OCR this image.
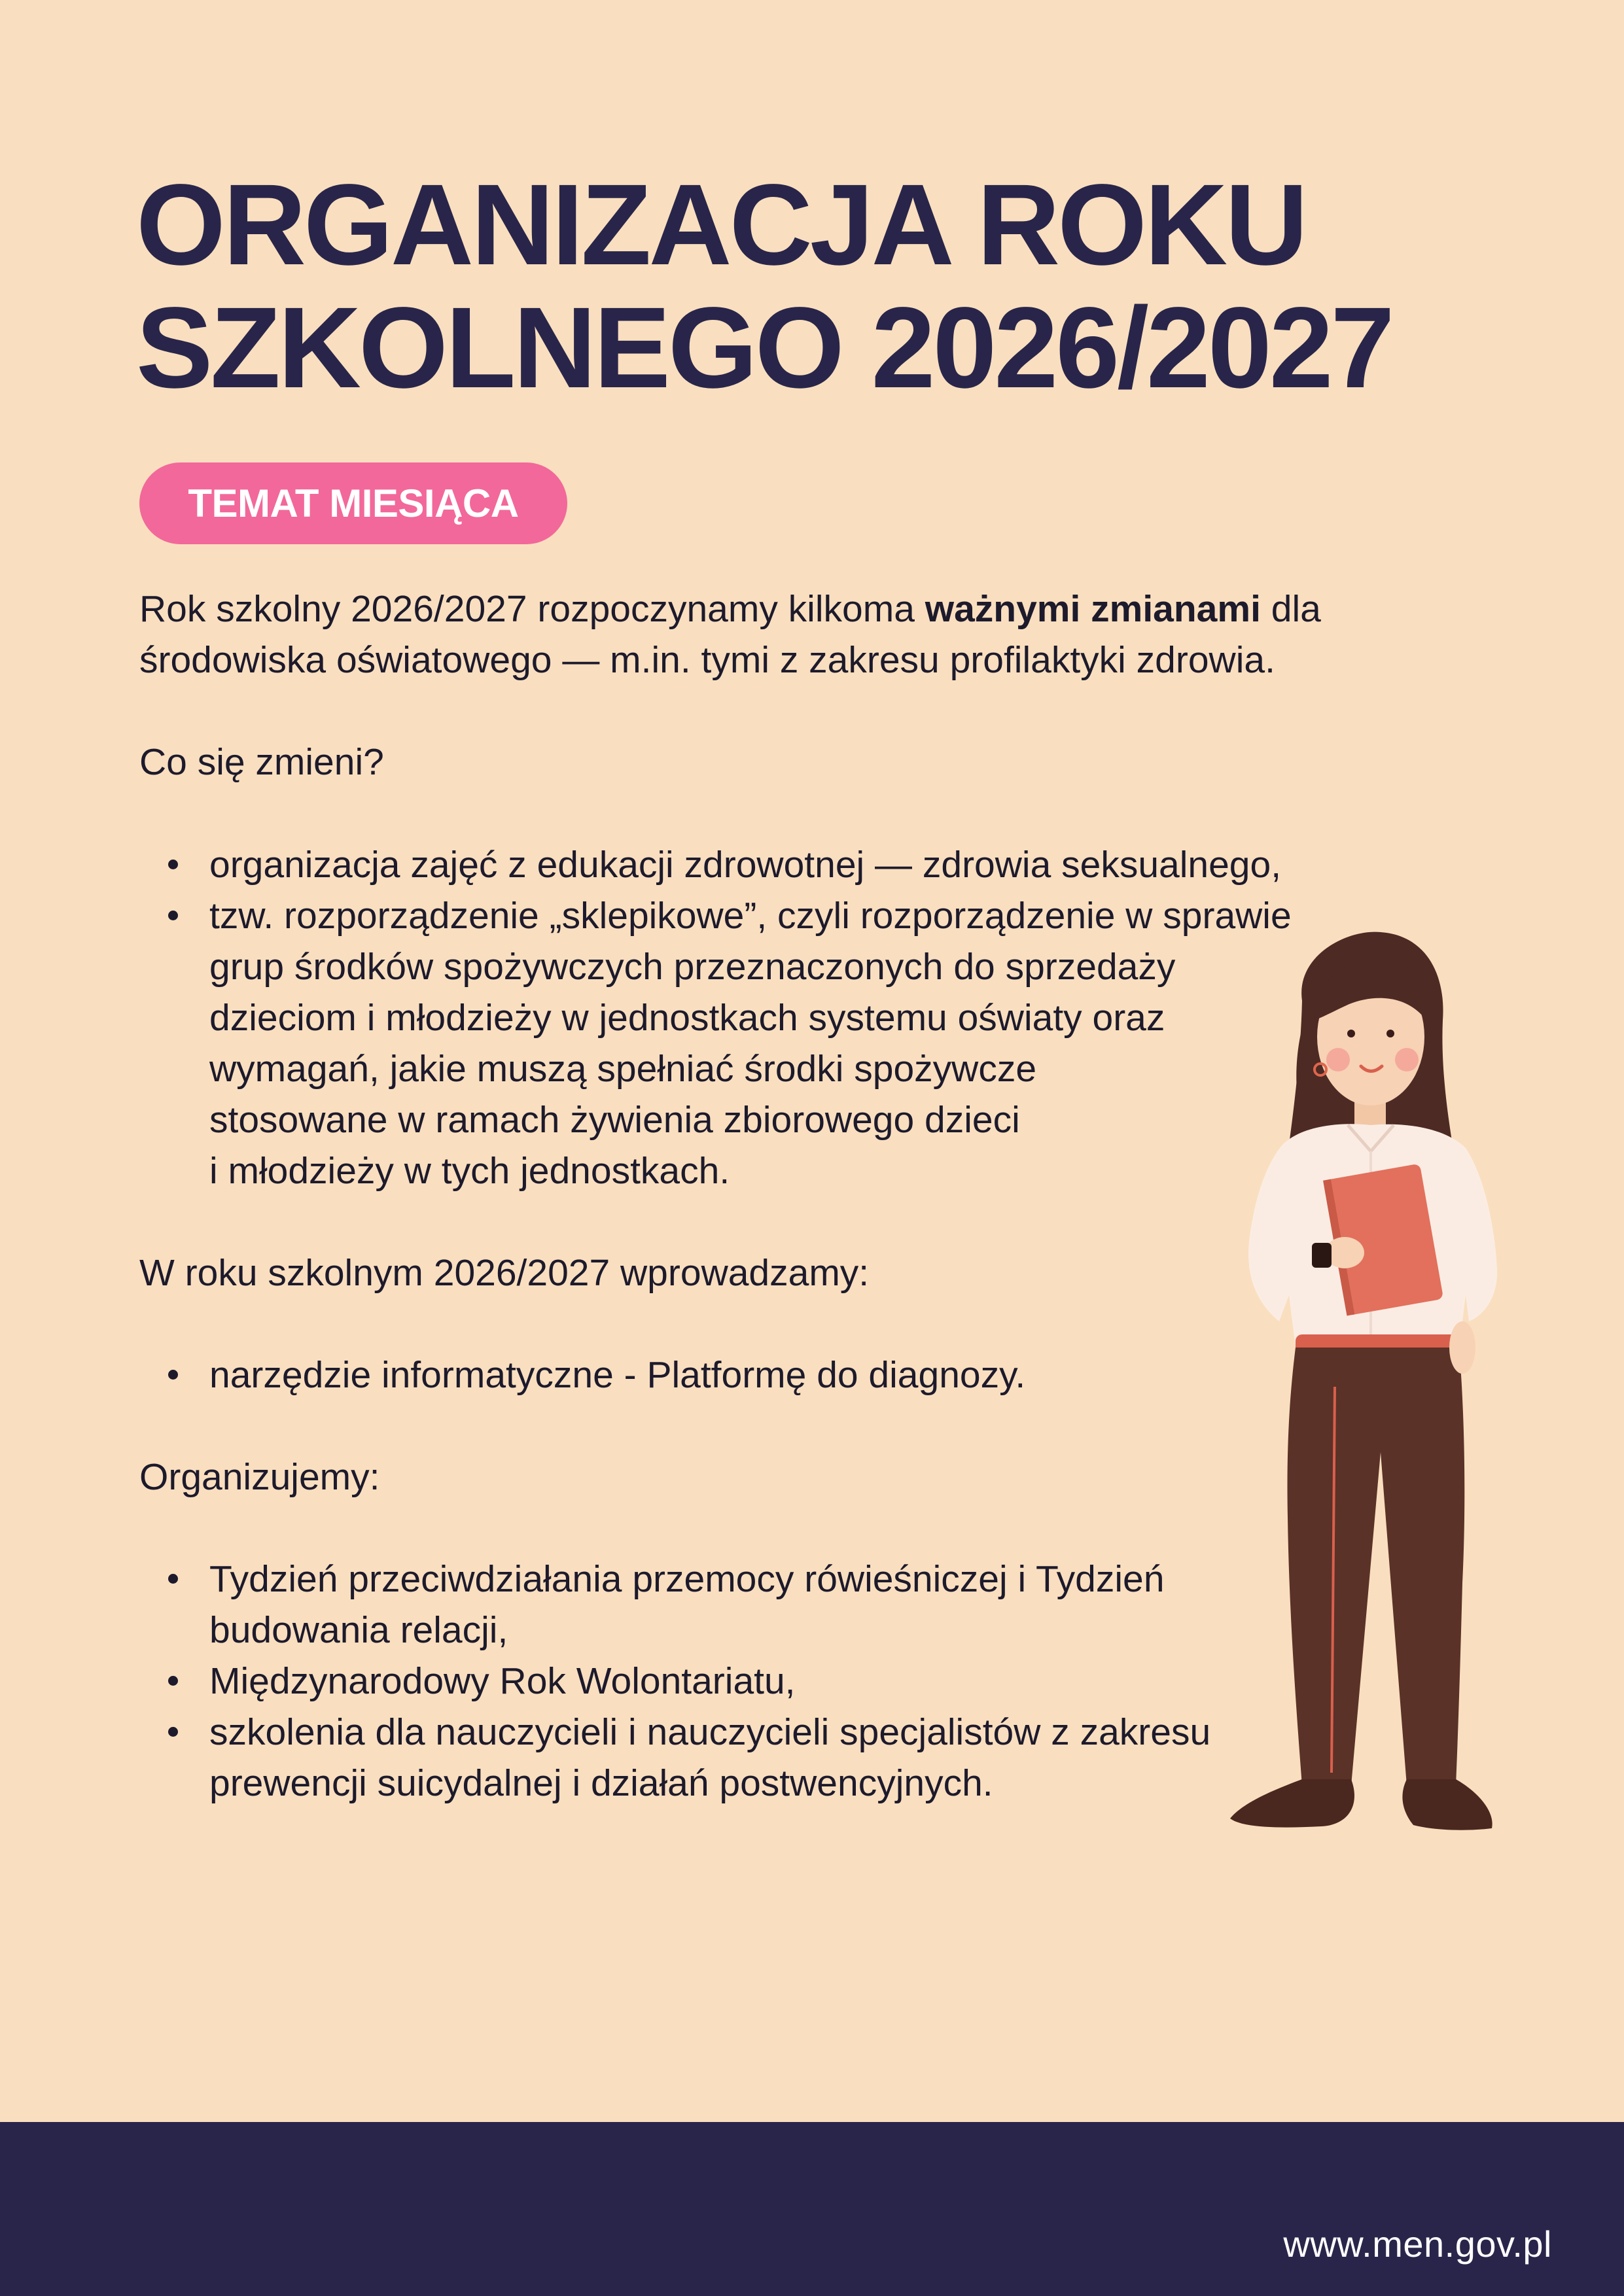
ORGANIZACJA ROKU
SZKOLNEGO 2026/2027
TEMAT MIESIĄCA

Rok szkolny 2026/2027 rozpoczynamy kilkoma ważnymi zmianami dla
środowiska oświatowego — m.in. tymi z zakresu profilaktyki zdrowia.

Co się zmieni?

organizacja zajęć z edukacji zdrowotnej — zdrowia seksualnego,
tzw. rozporządzenie „sklepikowe”, czyli rozporządzenie w sprawie
grup środków spożywczych przeznaczonych do sprzedaży
dzieciom i młodzieży w jednostkach systemu oświaty oraz
wymagań, jakie muszą spełniać środki spożywcze
stosowane w ramach żywienia zbiorowego dzieci
i młodzieży w tych jednostkach.

W roku szkolnym 2026/2027 wprowadzamy:

narzędzie informatyczne - Platformę do diagnozy.

Organizujemy:

Tydzień przeciwdziałania przemocy rówieśniczej i Tydzień
budowania relacji,
Międzynarodowy Rok Wolontariatu,
szkolenia dla nauczycieli i nauczycieli specjalistów z zakresu
prewencji suicydalnej i działań postwencyjnych.
www.men.gov.pl
